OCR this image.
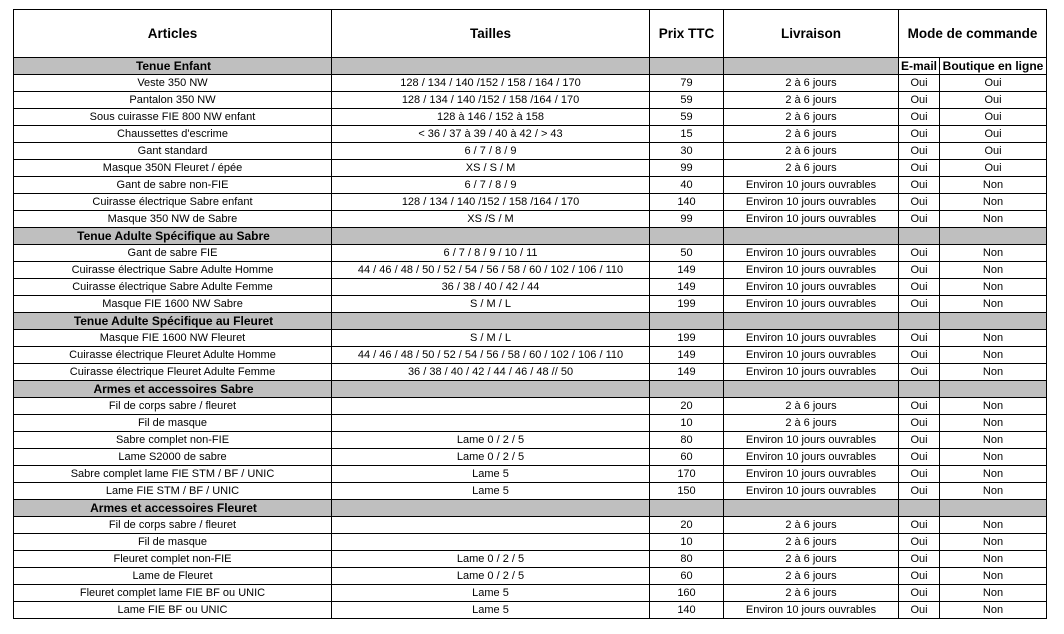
Articles	Tailles	Prix TTC	Livraison	Mode de commande	
Tenue Enfant				E-mail	Boutique en ligne
Veste 350 NW	128 / 134 / 140 /152 / 158 / 164 / 170	79	2 à 6 jours	Oui	Oui
Pantalon 350 NW	128 / 134 / 140 /152 / 158 /164 / 170	59	2 à 6 jours	Oui	Oui
Sous cuirasse FIE 800 NW enfant	128 à 146 / 152 à 158	59	2 à 6 jours	Oui	Oui
Chaussettes d'escrime	< 36 / 37 à 39 / 40 à 42 / > 43	15	2 à 6 jours	Oui	Oui
Gant standard	6 / 7 / 8 / 9	30	2 à 6 jours	Oui	Oui
Masque 350N Fleuret / épée	XS / S / M	99	2 à 6 jours	Oui	Oui
Gant de sabre non-FIE	6 / 7 / 8 / 9	40	Environ 10 jours ouvrables	Oui	Non
Cuirasse électrique Sabre enfant	128 / 134 / 140 /152 / 158 /164 / 170	140	Environ 10 jours ouvrables	Oui	Non
Masque 350 NW de Sabre	XS /S / M	99	Environ 10 jours ouvrables	Oui	Non
Tenue Adulte Spécifique au Sabre					
Gant de sabre FIE	6 / 7 / 8 / 9 / 10 / 11	50	Environ 10 jours ouvrables	Oui	Non
Cuirasse électrique Sabre Adulte Homme	44 / 46 / 48 / 50 / 52 / 54 / 56 / 58 / 60 / 102 / 106 / 110	149	Environ 10 jours ouvrables	Oui	Non
Cuirasse électrique Sabre Adulte Femme	36 / 38 / 40 / 42 / 44	149	Environ 10 jours ouvrables	Oui	Non
Masque FIE 1600 NW Sabre	S / M / L	199	Environ 10 jours ouvrables	Oui	Non
Tenue Adulte Spécifique au Fleuret					
Masque FIE 1600 NW Fleuret	S / M / L	199	Environ 10 jours ouvrables	Oui	Non
Cuirasse électrique Fleuret Adulte Homme	44 / 46 / 48 / 50 / 52 / 54 / 56 / 58 / 60 / 102 / 106 / 110	149	Environ 10 jours ouvrables	Oui	Non
Cuirasse électrique Fleuret Adulte Femme	36 / 38 / 40 / 42 / 44 / 46 / 48 // 50	149	Environ 10 jours ouvrables	Oui	Non
Armes et accessoires Sabre					
Fil de corps sabre / fleuret		20	2 à 6 jours	Oui	Non
Fil de masque		10	2 à 6 jours	Oui	Non
Sabre complet non-FIE	Lame 0 / 2 / 5	80	Environ 10 jours ouvrables	Oui	Non
Lame S2000 de sabre	Lame 0 / 2 / 5	60	Environ 10 jours ouvrables	Oui	Non
Sabre complet lame FIE STM / BF / UNIC	Lame 5	170	Environ 10 jours ouvrables	Oui	Non
Lame FIE STM / BF / UNIC	Lame 5	150	Environ 10 jours ouvrables	Oui	Non
Armes et accessoires Fleuret					
Fil de corps sabre / fleuret		20	2 à 6 jours	Oui	Non
Fil de masque		10	2 à 6 jours	Oui	Non
Fleuret complet non-FIE	Lame 0 / 2 / 5	80	2 à 6 jours	Oui	Non
Lame de Fleuret	Lame 0 / 2 / 5	60	2 à 6 jours	Oui	Non
Fleuret complet lame FIE BF ou UNIC	Lame 5	160	2 à 6 jours	Oui	Non
Lame FIE BF ou UNIC	Lame 5	140	Environ 10 jours ouvrables	Oui	Non
